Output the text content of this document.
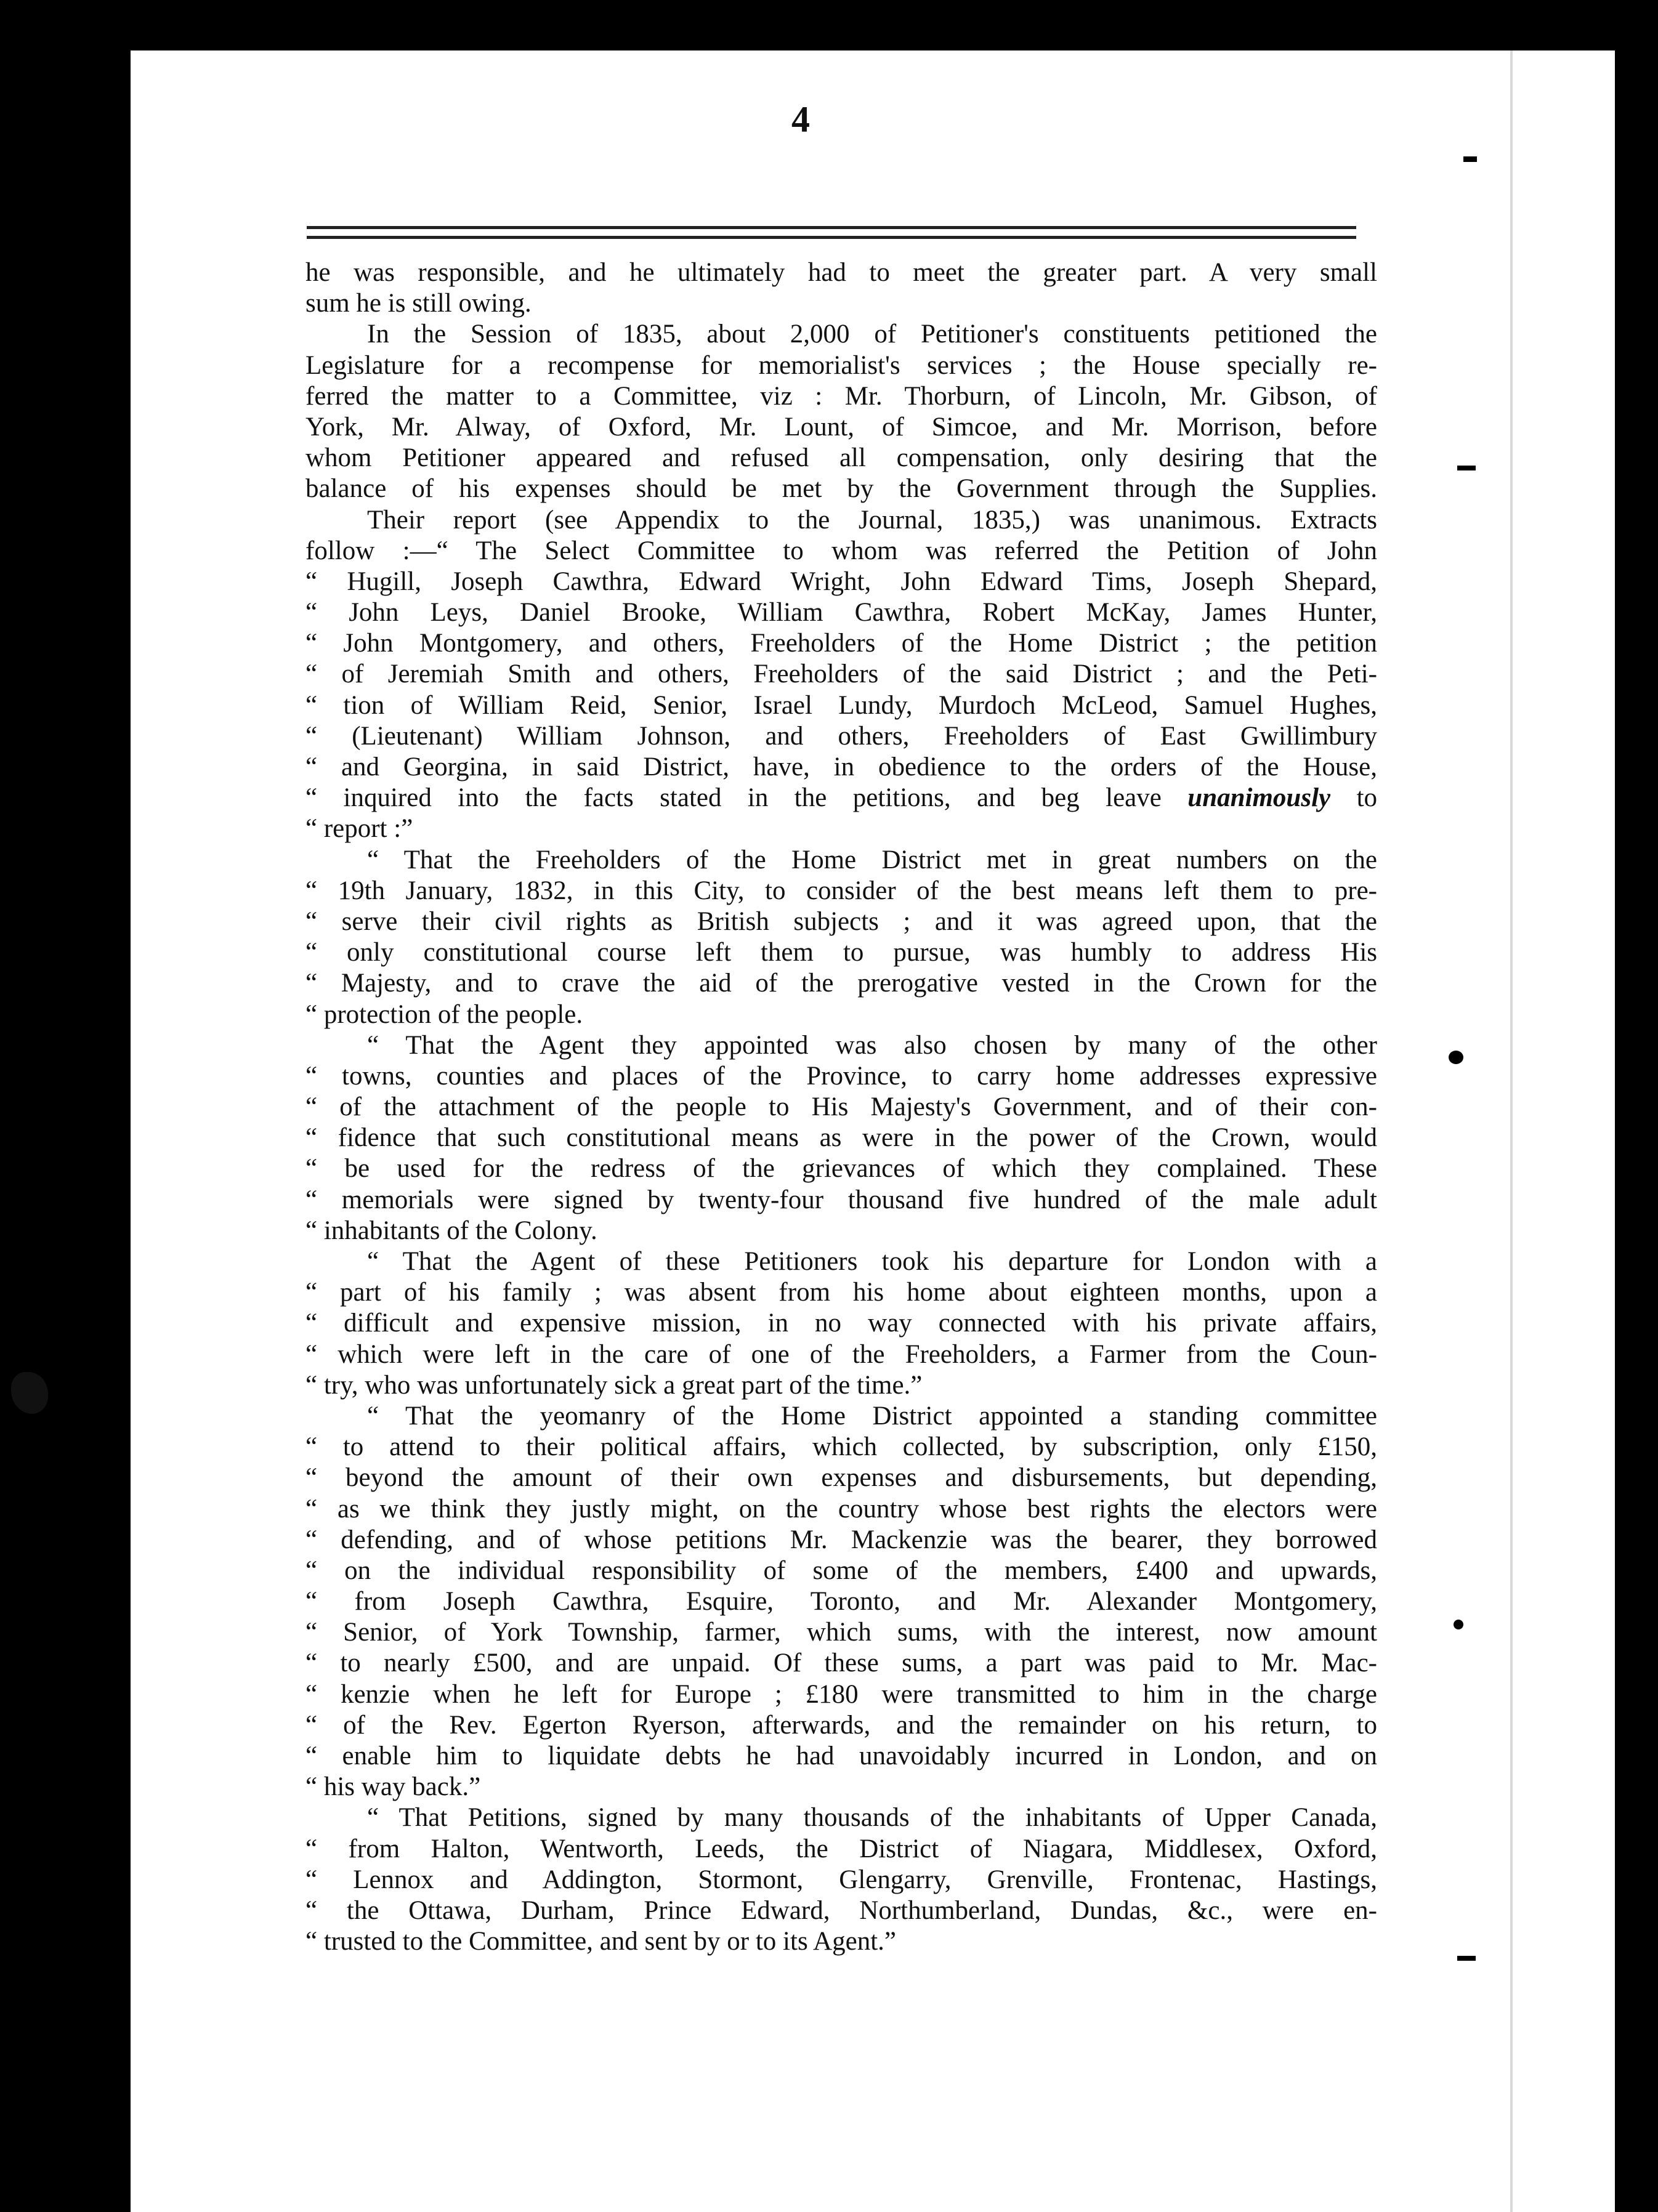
4
he was responsible, and he ultimately had to meet the greater part. A very small
sum he is still owing.
In the Session of 1835, about 2,000 of Petitioner's constituents petitioned the
Legislature for a recompense for memorialist's services ; the House specially re-
ferred the matter to a Committee, viz : Mr. Thorburn, of Lincoln, Mr. Gibson, of
York, Mr. Alway, of Oxford, Mr. Lount, of Simcoe, and Mr. Morrison, before
whom Petitioner appeared and refused all compensation, only desiring that the
balance of his expenses should be met by the Government through the Supplies.
Their report (see Appendix to the Journal, 1835,) was unanimous. Extracts
follow :—“ The Select Committee to whom was referred the Petition of John
“ Hugill, Joseph Cawthra, Edward Wright, John Edward Tims, Joseph Shepard,
“ John Leys, Daniel Brooke, William Cawthra, Robert McKay, James Hunter,
“ John Montgomery, and others, Freeholders of the Home District ; the petition
“ of Jeremiah Smith and others, Freeholders of the said District ; and the Peti-
“ tion of William Reid, Senior, Israel Lundy, Murdoch McLeod, Samuel Hughes,
“ (Lieutenant) William Johnson, and others, Freeholders of East Gwillimbury
“ and Georgina, in said District, have, in obedience to the orders of the House,
“ inquired into the facts stated in the petitions, and beg leave unanimously to
“ report :”
“ That the Freeholders of the Home District met in great numbers on the
“ 19th January, 1832, in this City, to consider of the best means left them to pre-
“ serve their civil rights as British subjects ; and it was agreed upon, that the
“ only constitutional course left them to pursue, was humbly to address His
“ Majesty, and to crave the aid of the prerogative vested in the Crown for the
“ protection of the people.
“ That the Agent they appointed was also chosen by many of the other
“ towns, counties and places of the Province, to carry home addresses expressive
“ of the attachment of the people to His Majesty's Government, and of their con-
“ fidence that such constitutional means as were in the power of the Crown, would
“ be used for the redress of the grievances of which they complained. These
“ memorials were signed by twenty-four thousand five hundred of the male adult
“ inhabitants of the Colony.
“ That the Agent of these Petitioners took his departure for London with a
“ part of his family ; was absent from his home about eighteen months, upon a
“ difficult and expensive mission, in no way connected with his private affairs,
“ which were left in the care of one of the Freeholders, a Farmer from the Coun-
“ try, who was unfortunately sick a great part of the time.”
“ That the yeomanry of the Home District appointed a standing committee
“ to attend to their political affairs, which collected, by subscription, only £150,
“ beyond the amount of their own expenses and disbursements, but depending,
“ as we think they justly might, on the country whose best rights the electors were
“ defending, and of whose petitions Mr. Mackenzie was the bearer, they borrowed
“ on the individual responsibility of some of the members, £400 and upwards,
“ from Joseph Cawthra, Esquire, Toronto, and Mr. Alexander Montgomery,
“ Senior, of York Township, farmer, which sums, with the interest, now amount
“ to nearly £500, and are unpaid. Of these sums, a part was paid to Mr. Mac-
“ kenzie when he left for Europe ; £180 were transmitted to him in the charge
“ of the Rev. Egerton Ryerson, afterwards, and the remainder on his return, to
“ enable him to liquidate debts he had unavoidably incurred in London, and on
“ his way back.”
“ That Petitions, signed by many thousands of the inhabitants of Upper Canada,
“ from Halton, Wentworth, Leeds, the District of Niagara, Middlesex, Oxford,
“ Lennox and Addington, Stormont, Glengarry, Grenville, Frontenac, Hastings,
“ the Ottawa, Durham, Prince Edward, Northumberland, Dundas, &c., were en-
“ trusted to the Committee, and sent by or to its Agent.”
